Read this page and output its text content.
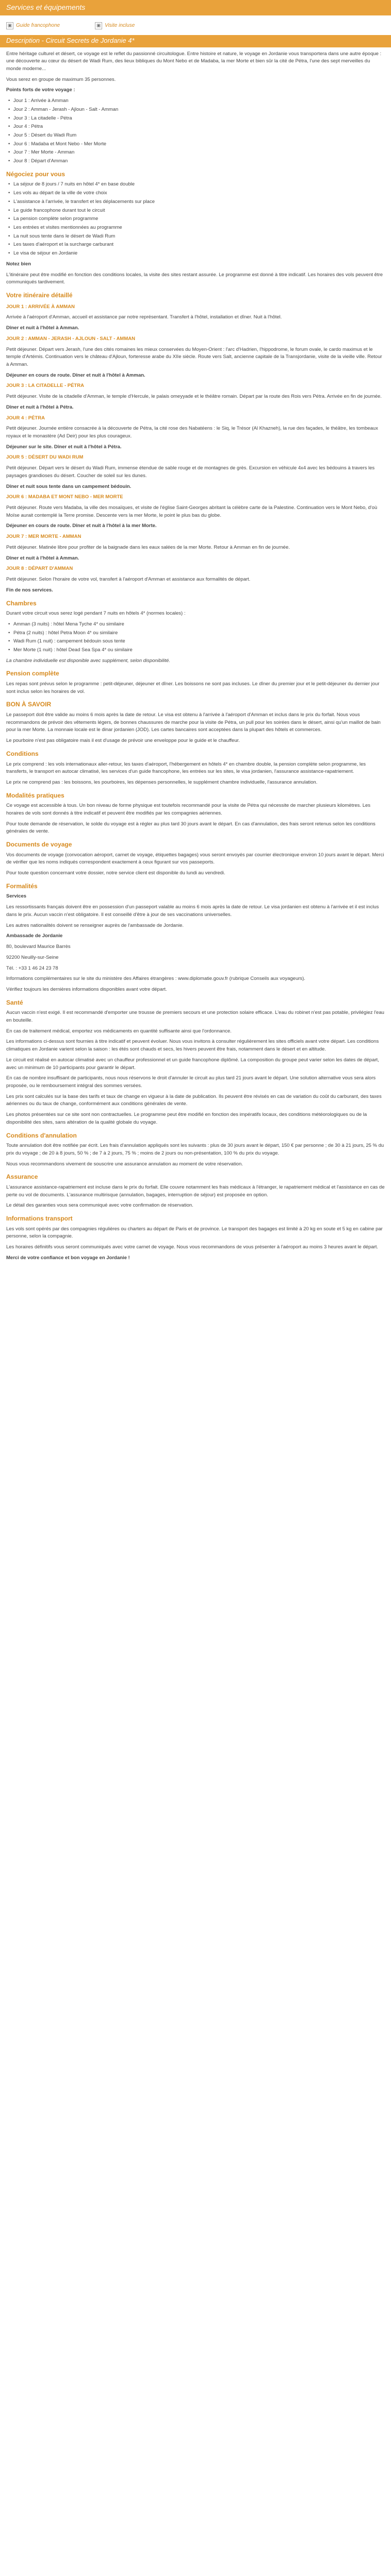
Services et équipements
▣ Guide francophone	▣ Visite incluse
Description - Circuit Secrets de Jordanie 4*

Entre héritage culturel et désert, ce voyage est le reflet du passionné circuitologue. Entre histoire et nature, le voyage en Jordanie vous transportera dans une autre époque : une découverte au cœur du désert de Wadi Rum, des lieux bibliques du Mont Nebo et de Madaba, la mer Morte et bien sûr la cité de Pétra, l'une des sept merveilles du monde moderne...

Vous serez en groupe de maximum 35 personnes.

Points forts de votre voyage :

• Jour 1 : Arrivée à Amman
• Jour 2 : Amman - Jerash - Ajloun - Salt - Amman
• Jour 3 : La citadelle - Pétra
• Jour 4 : Pétra
• Jour 5 : Désert du Wadi Rum
• Jour 6 : Madaba et Mont Nebo - Mer Morte
• Jour 7 : Mer Morte - Amman
• Jour 8 : Départ d'Amman
Négociez pour vous
• La séjour de 8 jours / 7 nuits en hôtel 4* en base double
• Les vols au départ de la ville de votre choix
• L'assistance à l'arrivée, le transfert et les déplacements sur place
• Le guide francophone durant tout le circuit
• La pension complète selon programme
• Les entrées et visites mentionnées au programme
• La nuit sous tente dans le désert de Wadi Rum
• Les taxes d'aéroport et la surcharge carburant
• Le visa de séjour en Jordanie

Notez bien

L'itinéraire peut être modifié en fonction des conditions locales, la visite des sites restant assurée. Le programme est donné à titre indicatif. Les horaires des vols peuvent être communiqués tardivement.

Votre itinéraire détaillé

JOUR 1 : ARRIVÉE À AMMAN

Arrivée à l'aéroport d'Amman, accueil et assistance par notre représentant. Transfert à l'hôtel, installation et dîner. Nuit à l'hôtel.

Dîner et nuit à l'hôtel à Amman.

JOUR 2 : AMMAN - JERASH - AJLOUN - SALT - AMMAN

Petit déjeuner. Départ vers Jerash, l'une des cités romaines les mieux conservées du Moyen-Orient : l'arc d'Hadrien, l'hippodrome, le forum ovale, le cardo maximus et le temple d'Artémis. Continuation vers le château d'Ajloun, forteresse arabe du XIIe siècle. Route vers Salt, ancienne capitale de la Transjordanie, visite de la vieille ville. Retour à Amman.

Déjeuner en cours de route. Dîner et nuit à l'hôtel à Amman.

JOUR 3 : LA CITADELLE - PÉTRA

Petit déjeuner. Visite de la citadelle d'Amman, le temple d'Hercule, le palais omeyyade et le théâtre romain. Départ par la route des Rois vers Pétra. Arrivée en fin de journée.

Dîner et nuit à l'hôtel à Pétra.

JOUR 4 : PÉTRA

Petit déjeuner. Journée entière consacrée à la découverte de Pétra, la cité rose des Nabatéens : le Siq, le Trésor (Al Khazneh), la rue des façades, le théâtre, les tombeaux royaux et le monastère (Ad Deir) pour les plus courageux.

Déjeuner sur le site. Dîner et nuit à l'hôtel à Pétra.

JOUR 5 : DÉSERT DU WADI RUM

Petit déjeuner. Départ vers le désert du Wadi Rum, immense étendue de sable rouge et de montagnes de grès. Excursion en véhicule 4x4 avec les bédouins à travers les paysages grandioses du désert. Coucher de soleil sur les dunes.

Dîner et nuit sous tente dans un campement bédouin.

JOUR 6 : MADABA ET MONT NEBO - MER MORTE

Petit déjeuner. Route vers Madaba, la ville des mosaïques, et visite de l'église Saint-Georges abritant la célèbre carte de la Palestine. Continuation vers le Mont Nebo, d'où Moïse aurait contemplé la Terre promise. Descente vers la mer Morte, le point le plus bas du globe.

Déjeuner en cours de route. Dîner et nuit à l'hôtel à la mer Morte.

JOUR 7 : MER MORTE - AMMAN

Petit déjeuner. Matinée libre pour profiter de la baignade dans les eaux salées de la mer Morte. Retour à Amman en fin de journée.

Dîner et nuit à l'hôtel à Amman.

JOUR 8 : DÉPART D'AMMAN

Petit déjeuner. Selon l'horaire de votre vol, transfert à l'aéroport d'Amman et assistance aux formalités de départ.

Fin de nos services.

Chambres

Durant votre circuit vous serez logé pendant 7 nuits en hôtels 4* (normes locales) :

• Amman (3 nuits) : hôtel Mena Tyche 4* ou similaire
• Pétra (2 nuits) : hôtel Petra Moon 4* ou similaire
• Wadi Rum (1 nuit) : campement bédouin sous tente
• Mer Morte (1 nuit) : hôtel Dead Sea Spa 4* ou similaire

La chambre individuelle est disponible avec supplément, selon disponibilité.

Pension complète

Les repas sont prévus selon le programme : petit-déjeuner, déjeuner et dîner. Les boissons ne sont pas incluses. Le dîner du premier jour et le petit-déjeuner du dernier jour sont inclus selon les horaires de vol.

BON À SAVOIR

Le passeport doit être valide au moins 6 mois après la date de retour. Le visa est obtenu à l'arrivée à l'aéroport d'Amman et inclus dans le prix du forfait. Nous vous recommandons de prévoir des vêtements légers, de bonnes chaussures de marche pour la visite de Pétra, un pull pour les soirées dans le désert, ainsi qu'un maillot de bain pour la mer Morte. La monnaie locale est le dinar jordanien (JOD). Les cartes bancaires sont acceptées dans la plupart des hôtels et commerces.

Le pourboire n'est pas obligatoire mais il est d'usage de prévoir une enveloppe pour le guide et le chauffeur.

Conditions

Le prix comprend : les vols internationaux aller-retour, les taxes d'aéroport, l'hébergement en hôtels 4* en chambre double, la pension complète selon programme, les transferts, le transport en autocar climatisé, les services d'un guide francophone, les entrées sur les sites, le visa jordanien, l'assurance assistance-rapatriement.

Le prix ne comprend pas : les boissons, les pourboires, les dépenses personnelles, le supplément chambre individuelle, l'assurance annulation.

Modalités pratiques

Ce voyage est accessible à tous. Un bon niveau de forme physique est toutefois recommandé pour la visite de Pétra qui nécessite de marcher plusieurs kilomètres. Les horaires de vols sont donnés à titre indicatif et peuvent être modifiés par les compagnies aériennes.

Pour toute demande de réservation, le solde du voyage est à régler au plus tard 30 jours avant le départ. En cas d'annulation, des frais seront retenus selon les conditions générales de vente.

Documents de voyage

Vos documents de voyage (convocation aéroport, carnet de voyage, étiquettes bagages) vous seront envoyés par courrier électronique environ 10 jours avant le départ. Merci de vérifier que les noms indiqués correspondent exactement à ceux figurant sur vos passeports.

Pour toute question concernant votre dossier, notre service client est disponible du lundi au vendredi.

Formalités

Services

Les ressortissants français doivent être en possession d'un passeport valable au moins 6 mois après la date de retour. Le visa jordanien est obtenu à l'arrivée et il est inclus dans le prix. Aucun vaccin n'est obligatoire. Il est conseillé d'être à jour de ses vaccinations universelles.

Les autres nationalités doivent se renseigner auprès de l'ambassade de Jordanie.

Ambassade de Jordanie

80, boulevard Maurice Barrès

92200 Neuilly-sur-Seine

Tél. : +33 1 46 24 23 78

Informations complémentaires sur le site du ministère des Affaires étrangères : www.diplomatie.gouv.fr (rubrique Conseils aux voyageurs).

Vérifiez toujours les dernières informations disponibles avant votre départ.

Santé

Aucun vaccin n'est exigé. Il est recommandé d'emporter une trousse de premiers secours et une protection solaire efficace. L'eau du robinet n'est pas potable, privilégiez l'eau en bouteille.

En cas de traitement médical, emportez vos médicaments en quantité suffisante ainsi que l'ordonnance.

Les informations ci-dessus sont fournies à titre indicatif et peuvent évoluer. Nous vous invitons à consulter régulièrement les sites officiels avant votre départ. Les conditions climatiques en Jordanie varient selon la saison : les étés sont chauds et secs, les hivers peuvent être frais, notamment dans le désert et en altitude.

Le circuit est réalisé en autocar climatisé avec un chauffeur professionnel et un guide francophone diplômé. La composition du groupe peut varier selon les dates de départ, avec un minimum de 10 participants pour garantir le départ.

En cas de nombre insuffisant de participants, nous nous réservons le droit d'annuler le circuit au plus tard 21 jours avant le départ. Une solution alternative vous sera alors proposée, ou le remboursement intégral des sommes versées.

Les prix sont calculés sur la base des tarifs et taux de change en vigueur à la date de publication. Ils peuvent être révisés en cas de variation du coût du carburant, des taxes aériennes ou du taux de change, conformément aux conditions générales de vente.

Les photos présentées sur ce site sont non contractuelles. Le programme peut être modifié en fonction des impératifs locaux, des conditions météorologiques ou de la disponibilité des sites, sans altération de la qualité globale du voyage.

Conditions d'annulation

Toute annulation doit être notifiée par écrit. Les frais d'annulation appliqués sont les suivants : plus de 30 jours avant le départ, 150 € par personne ; de 30 à 21 jours, 25 % du prix du voyage ; de 20 à 8 jours, 50 % ; de 7 à 2 jours, 75 % ; moins de 2 jours ou non-présentation, 100 % du prix du voyage.

Nous vous recommandons vivement de souscrire une assurance annulation au moment de votre réservation.

Assurance

L'assurance assistance-rapatriement est incluse dans le prix du forfait. Elle couvre notamment les frais médicaux à l'étranger, le rapatriement médical et l'assistance en cas de perte ou vol de documents. L'assurance multirisque (annulation, bagages, interruption de séjour) est proposée en option.

Le détail des garanties vous sera communiqué avec votre confirmation de réservation.

Informations transport

Les vols sont opérés par des compagnies régulières ou charters au départ de Paris et de province. Le transport des bagages est limité à 20 kg en soute et 5 kg en cabine par personne, selon la compagnie.

Les horaires définitifs vous seront communiqués avec votre carnet de voyage. Nous vous recommandons de vous présenter à l'aéroport au moins 3 heures avant le départ.

Merci de votre confiance et bon voyage en Jordanie !
